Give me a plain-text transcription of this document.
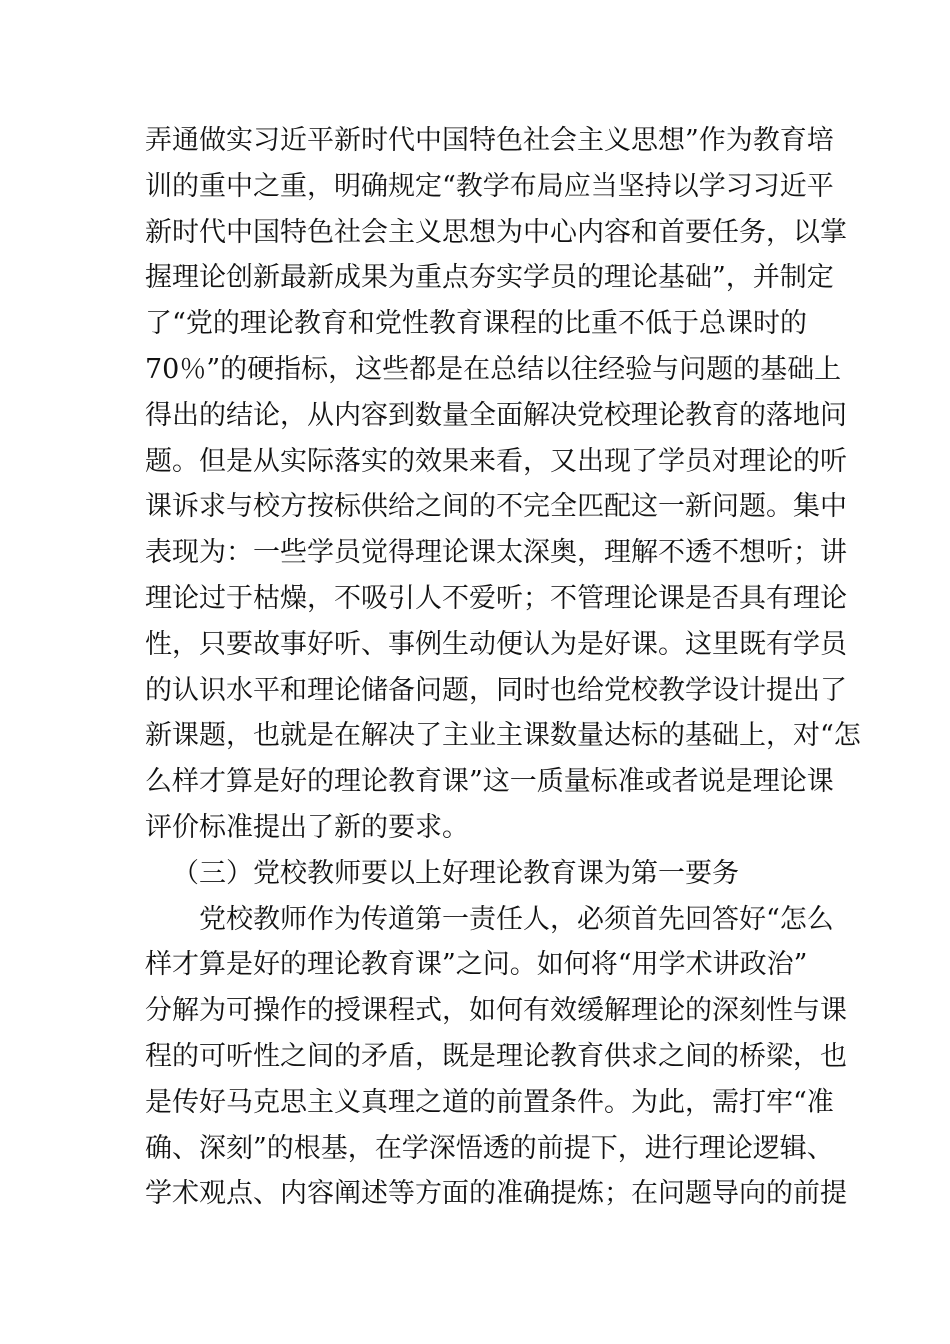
弄通做实习近平新时代中国特色社会主义思想”作为教育培
训的重中之重，明确规定“教学布局应当坚持以学习习近平
新时代中国特色社会主义思想为中心内容和首要任务，以掌
握理论创新最新成果为重点夯实学员的理论基础”，并制定
了“党的理论教育和党性教育课程的比重不低于总课时的
70％”的硬指标，这些都是在总结以往经验与问题的基础上
得出的结论，从内容到数量全面解决党校理论教育的落地问
题。但是从实际落实的效果来看，又出现了学员对理论的听
课诉求与校方按标供给之间的不完全匹配这一新问题。集中
表现为：一些学员觉得理论课太深奥，理解不透不想听；讲
理论过于枯燥，不吸引人不爱听；不管理论课是否具有理论
性，只要故事好听、事例生动便认为是好课。这里既有学员
的认识水平和理论储备问题，同时也给党校教学设计提出了
新课题，也就是在解决了主业主课数量达标的基础上，对“怎
么样才算是好的理论教育课”这一质量标准或者说是理论课
评价标准提出了新的要求。
（三）党校教师要以上好理论教育课为第一要务
党校教师作为传道第一责任人，必须首先回答好“怎么
样才算是好的理论教育课”之问。如何将“用学术讲政治”
分解为可操作的授课程式，如何有效缓解理论的深刻性与课
程的可听性之间的矛盾，既是理论教育供求之间的桥梁，也
是传好马克思主义真理之道的前置条件。为此，需打牢“准
确、深刻”的根基，在学深悟透的前提下，进行理论逻辑、
学术观点、内容阐述等方面的准确提炼；在问题导向的前提
